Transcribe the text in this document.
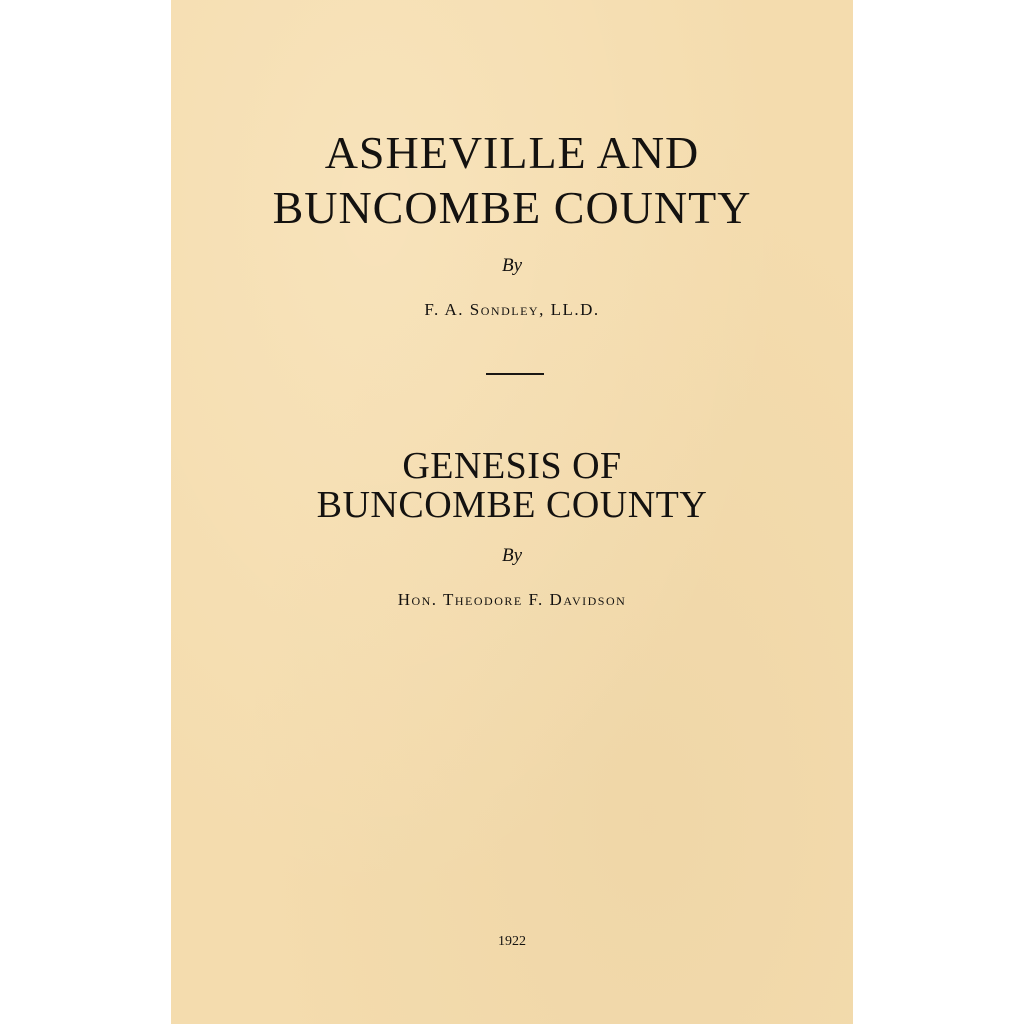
ASHEVILLE AND
BUNCOMBE COUNTY
By
F. A. Sondley, LL.D.
GENESIS OF
BUNCOMBE COUNTY
By
Hon. Theodore F. Davidson
1922
